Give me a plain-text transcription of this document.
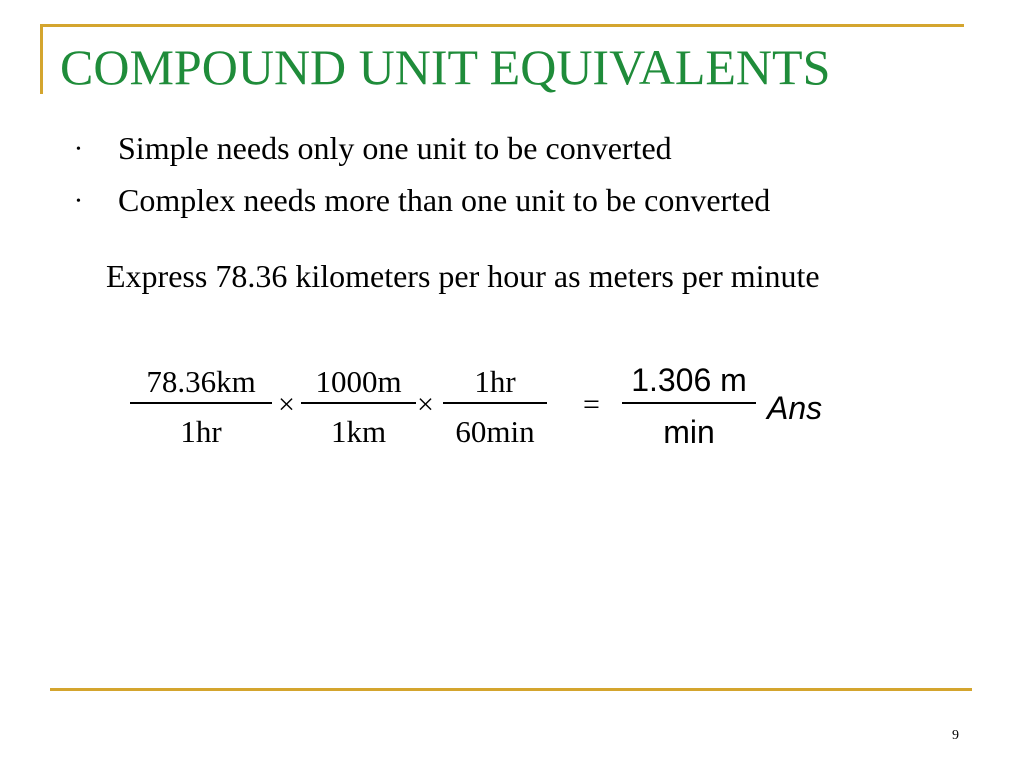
COMPOUND UNIT EQUIVALENTS
• Simple needs only one unit to be converted
• Complex needs more than one unit to be converted
Express 78.36 kilometers per hour as meters per minute
78.36km
1hr
×
1000m
1km
×
1hr
60min
=
1.306 m
min
Ans
9
